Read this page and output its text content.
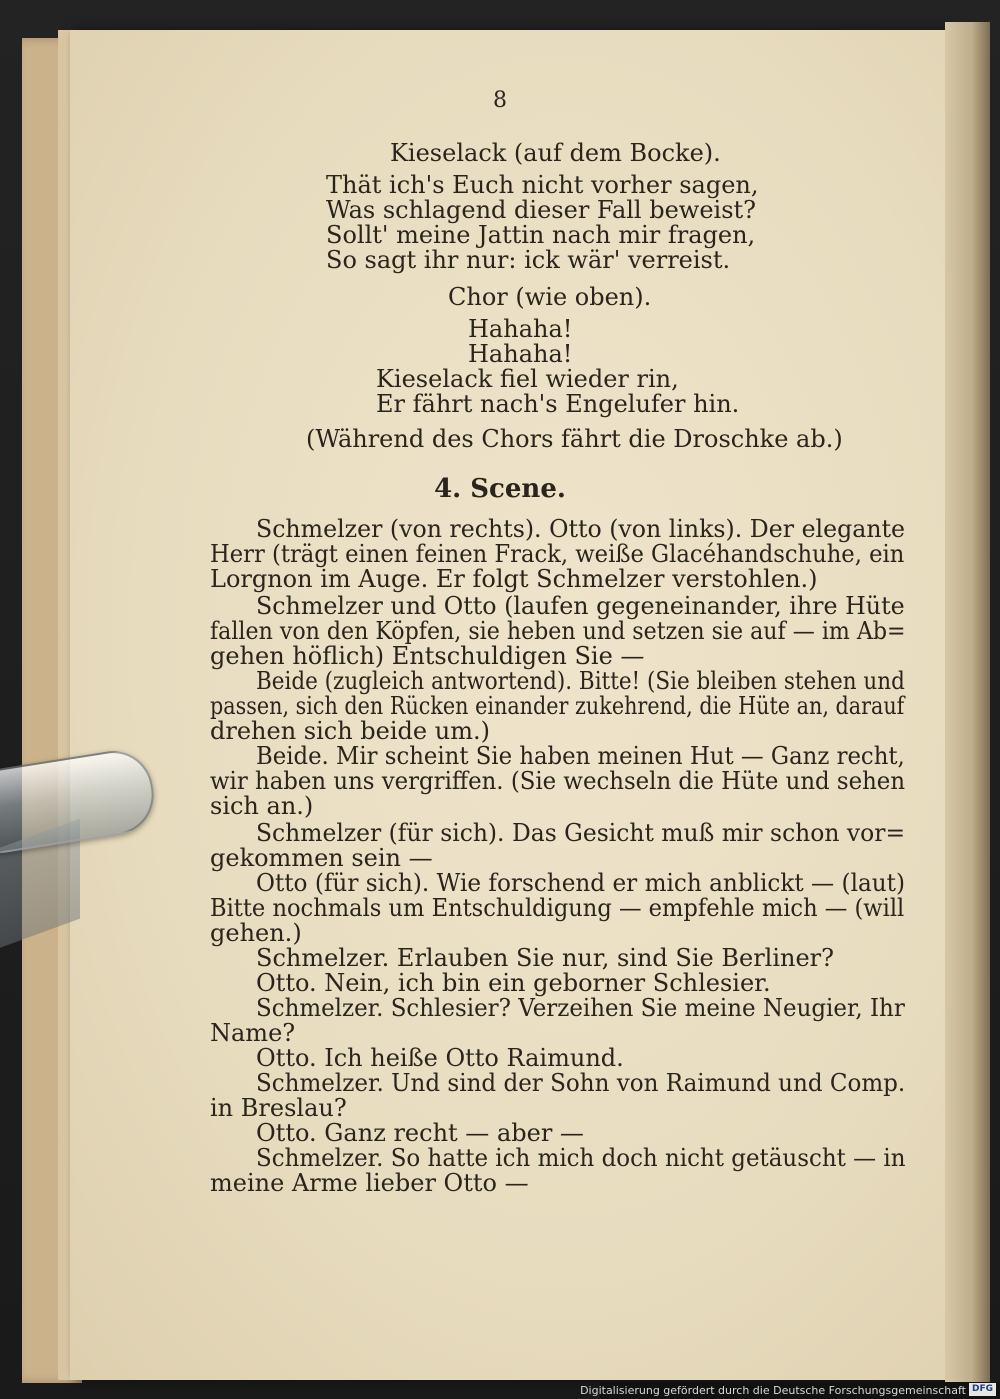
8
Kieselack (auf dem Bocke).
Thät ich's Euch nicht vorher sagen,
Was schlagend dieser Fall beweist?
Sollt' meine Jattin nach mir fragen,
So sagt ihr nur: ick wär' verreist.
Chor (wie oben).
Hahaha!
Hahaha!
Kieselack fiel wieder rin,
Er fährt nach's Engelufer hin.
(Während des Chors fährt die Droschke ab.)
4. Scene.
Schmelzer (von rechts). Otto (von links). Der elegante
Herr (trägt einen feinen Frack, weiße Glacéhandschuhe, ein
Lorgnon im Auge. Er folgt Schmelzer verstohlen.)
Schmelzer und Otto (laufen gegeneinander, ihre Hüte
fallen von den Köpfen, sie heben und setzen sie auf — im Ab=
gehen höflich) Entschuldigen Sie —
Beide (zugleich antwortend). Bitte! (Sie bleiben stehen und
passen, sich den Rücken einander zukehrend, die Hüte an, darauf
drehen sich beide um.)
Beide. Mir scheint Sie haben meinen Hut — Ganz recht,
wir haben uns vergriffen. (Sie wechseln die Hüte und sehen
sich an.)
Schmelzer (für sich). Das Gesicht muß mir schon vor=
gekommen sein —
Otto (für sich). Wie forschend er mich anblickt — (laut)
Bitte nochmals um Entschuldigung — empfehle mich — (will
gehen.)
Schmelzer. Erlauben Sie nur, sind Sie Berliner?
Otto. Nein, ich bin ein geborner Schlesier.
Schmelzer. Schlesier? Verzeihen Sie meine Neugier, Ihr
Name?
Otto. Ich heiße Otto Raimund.
Schmelzer. Und sind der Sohn von Raimund und Comp.
in Breslau?
Otto. Ganz recht — aber —
Schmelzer. So hatte ich mich doch nicht getäuscht — in
meine Arme lieber Otto —
Digitalisierung gefördert durch die Deutsche Forschungsgemeinschaft DFG
